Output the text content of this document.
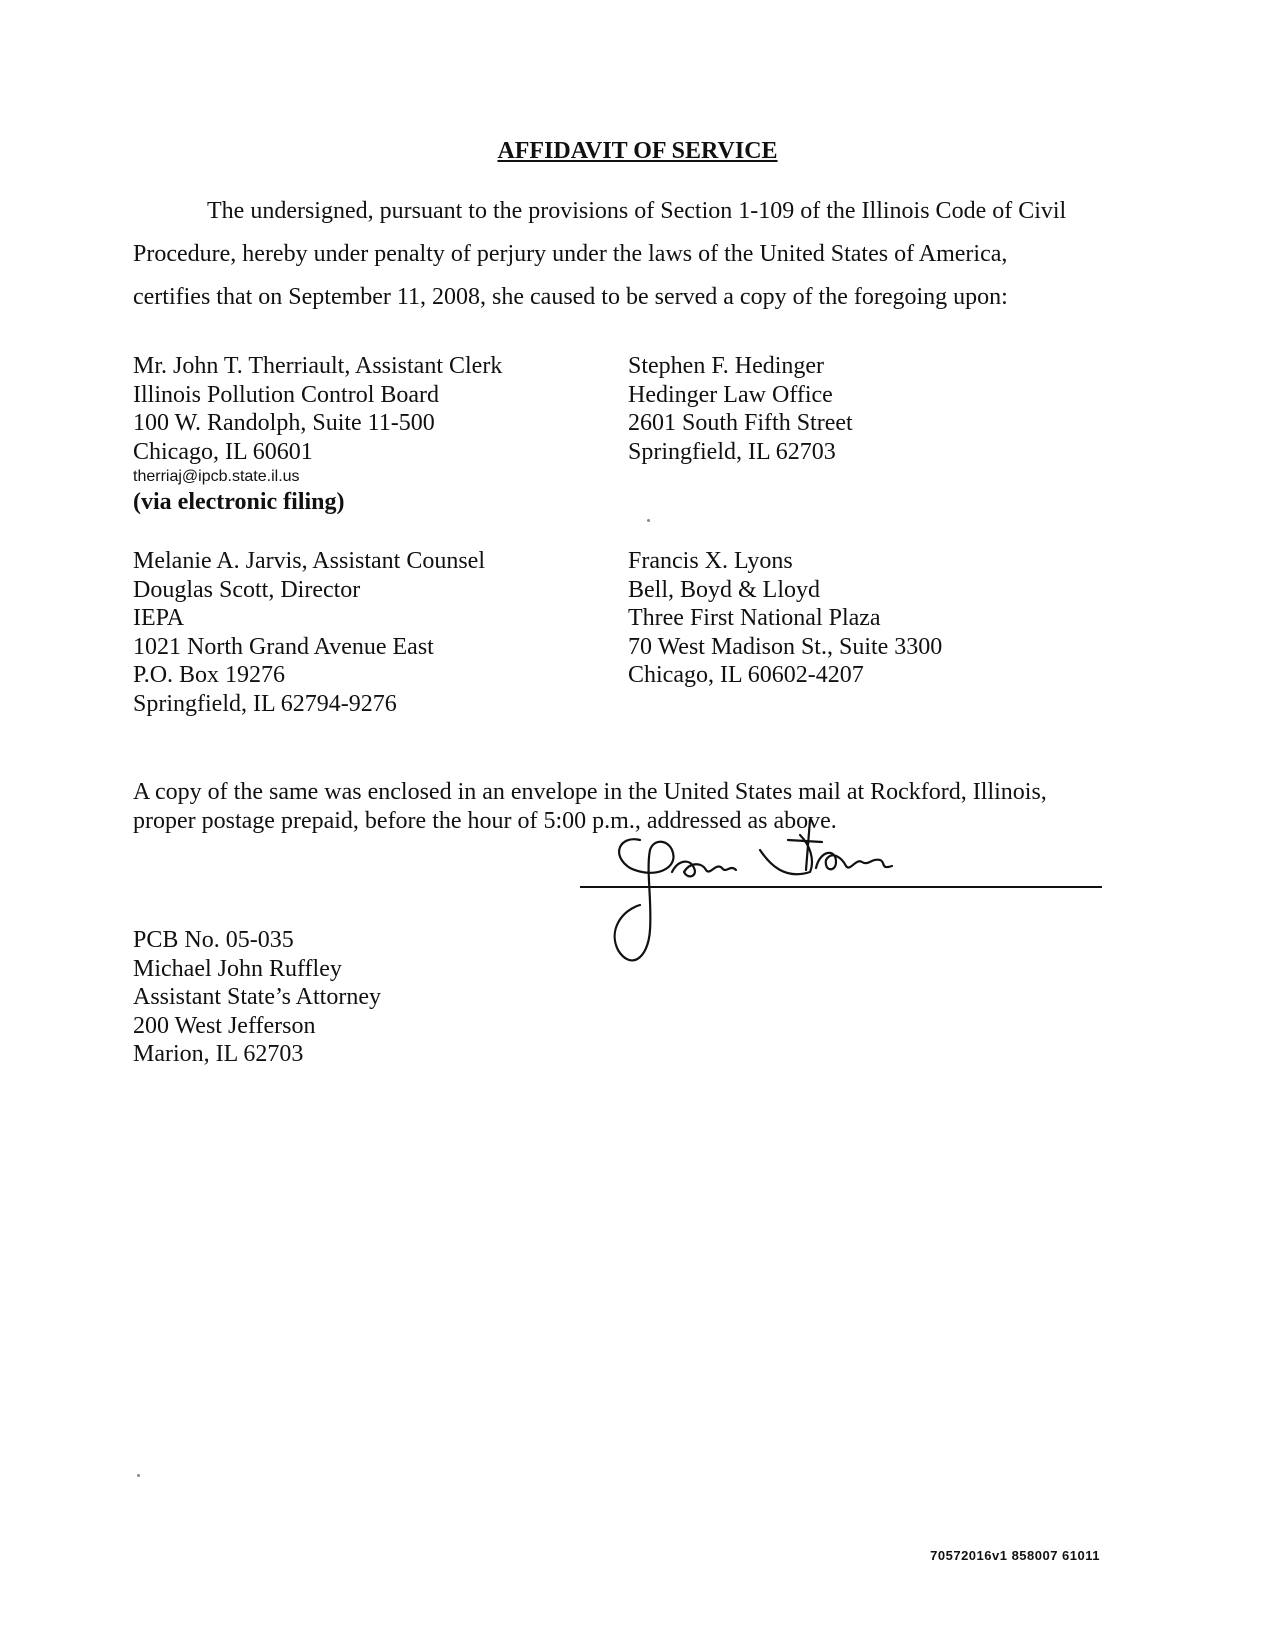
AFFIDAVIT OF SERVICE

The undersigned, pursuant to the provisions of Section 1-109 of the Illinois Code of Civil
Procedure, hereby under penalty of perjury under the laws of the United States of America,
certifies that on September 11, 2008, she caused to be served a copy of the foregoing upon:

Mr. John T. Therriault, Assistant Clerk
Illinois Pollution Control Board
100 W. Randolph, Suite 11-500
Chicago, IL 60601
therriaj@ipcb.state.il.us
(via electronic filing)
Stephen F. Hedinger
Hedinger Law Office
2601 South Fifth Street
Springfield, IL 62703
Melanie A. Jarvis, Assistant Counsel
Douglas Scott, Director
IEPA
1021 North Grand Avenue East
P.O. Box 19276
Springfield, IL 62794-9276
Francis X. Lyons
Bell, Boyd & Lloyd
Three First National Plaza
70 West Madison St., Suite 3300
Chicago, IL 60602-4207

A copy of the same was enclosed in an envelope in the United States mail at Rockford, Illinois,
proper postage prepaid, before the hour of 5:00 p.m., addressed as above.

PCB No. 05-035
Michael John Ruffley
Assistant State’s Attorney
200 West Jefferson
Marion, IL 62703

70572016v1 858007 61011
